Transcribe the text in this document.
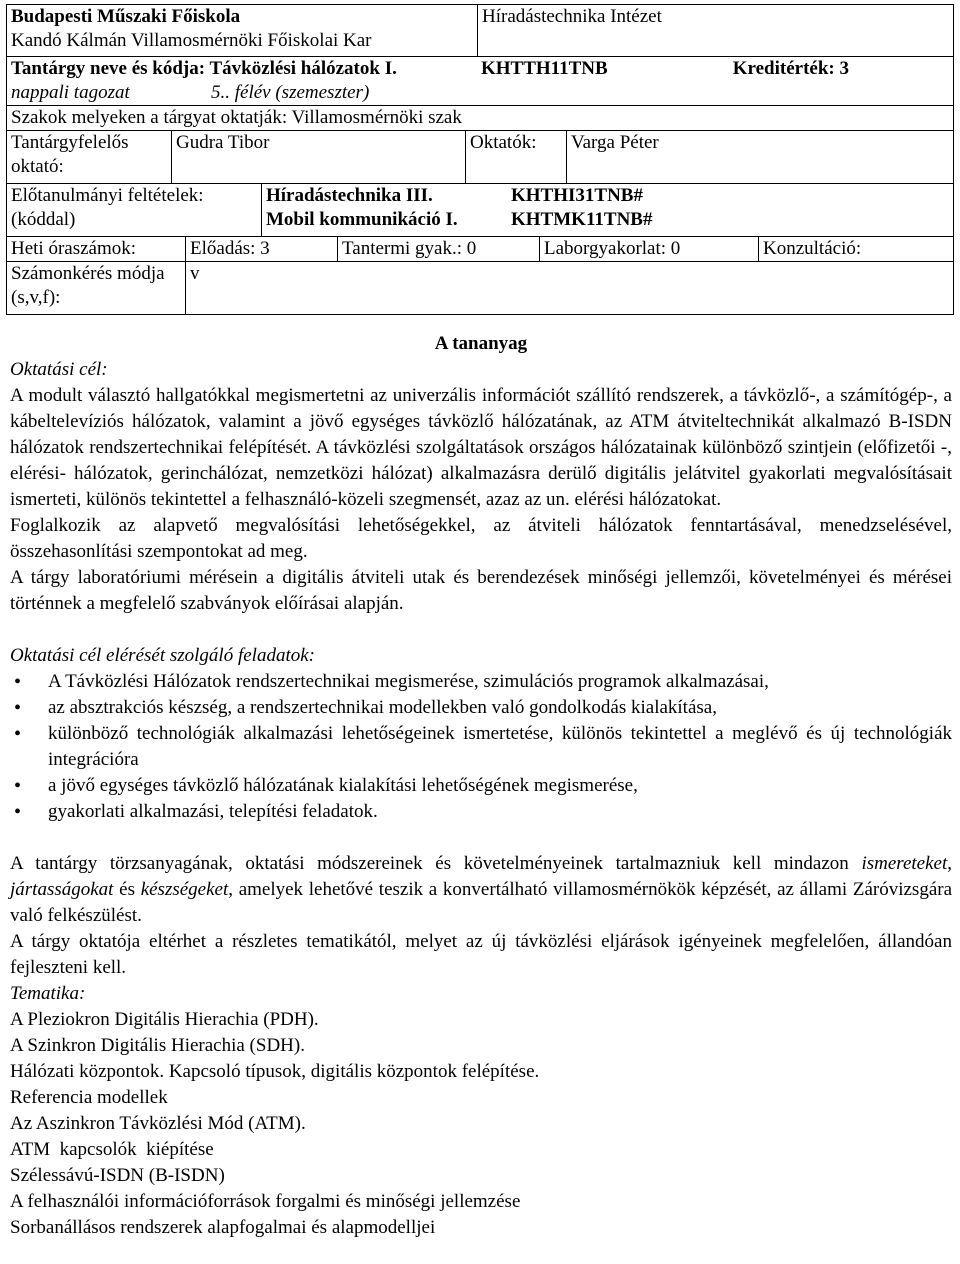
Budapesti Műszaki Főiskola
Kandó Kálmán Villamosmérnöki Főiskolai Kar

Híradástechnika Intézet

Tantárgy neve és kódja: Távközlési hálózatok I.	KHTTH11TNB	Kreditérték: 3
nappali tagozat	5.. félév (szemeszter)

Szakok melyeken a tárgyat oktatják: Villamosmérnöki szak

Tantárgyfelelős oktató:
Gudra Tibor	Oktatók:	Varga Péter

Előtanulmányi feltételek: (kóddal)
Híradástechnika III.	KHTHI31TNB#
Mobil kommunikáció I.	KHTMK11TNB#

Heti óraszámok:	Előadás: 3	Tantermi gyak.: 0	Laborgyakorlat: 0	Konzultáció:

Számonkérés módja (s,v,f):
v
A tananyag
Oktatási cél:

A modult választó hallgatókkal megismertetni az univerzális információt szállító rendszerek, a távközlő-, a számítógép-, a kábeltelevíziós hálózatok, valamint a jövő egységes távközlő hálózatának, az ATM átviteltechnikát alkalmazó B-ISDN hálózatok rendszertechnikai felépítését. A távközlési szolgáltatások országos hálózatainak különböző szintjein (előfizetői -, elérési- hálózatok, gerinchálózat, nemzetközi hálózat) alkalmazásra derülő digitális jelátvitel gyakorlati megvalósításait ismerteti, különös tekintettel a felhasználó-közeli szegmensét, azaz az un. elérési hálózatokat.

Foglalkozik az alapvető megvalósítási lehetőségekkel, az átviteli hálózatok fenntartásával, menedzselésével, összehasonlítási szempontokat ad meg.

A tárgy laboratóriumi mérésein a digitális átviteli utak és berendezések minőségi jellemzői, követelményei és mérései történnek a megfelelő szabványok előírásai alapján.

Oktatási cél elérését szolgáló feladatok:
• A Távközlési Hálózatok rendszertechnikai megismerése, szimulációs programok alkalmazásai,
• az absztrakciós készség, a rendszertechnikai modellekben való gondolkodás kialakítása,
• különböző technológiák alkalmazási lehetőségeinek ismertetése, különös tekintettel a meglévő és új technológiák integrációra
• a jövő egységes távközlő hálózatának kialakítási lehetőségének megismerése,
• gyakorlati alkalmazási, telepítési feladatok.

A tantárgy törzsanyagának, oktatási módszereinek és követelményeinek tartalmazniuk kell mindazon ismereteket, jártasságokat és készségeket, amelyek lehetővé teszik a konvertálható villamosmérnökök képzését, az állami Záróvizsgára való felkészülést.

A tárgy oktatója eltérhet a részletes tematikától, melyet az új távközlési eljárások igényeinek megfelelően, állandóan fejleszteni kell.

Tematika:
A Pleziokron Digitális Hierachia (PDH).
A Szinkron Digitális Hierachia (SDH).
Hálózati központok. Kapcsoló típusok, digitális központok felépítése.
Referencia modellek
Az Aszinkron Távközlési Mód (ATM).
ATM  kapcsolók  kiépítése
Szélessávú-ISDN (B-ISDN)
A felhasználói információforrások forgalmi és minőségi jellemzése
Sorbanállásos rendszerek alapfogalmai és alapmodelljei
